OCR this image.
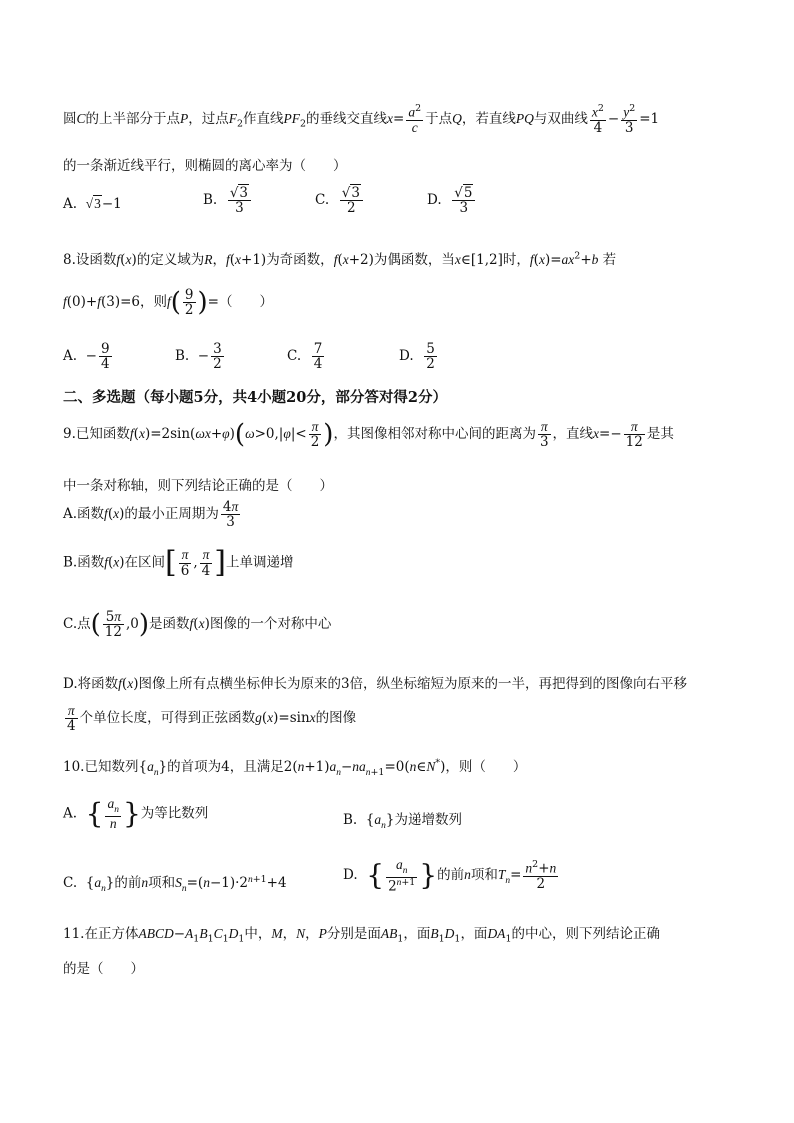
圆C的上半部分于点P，过点$F_2$作直线$PF_2$的垂线交直线$x= \frac{a^2}{c}$ 于点Q，若直线PQ与双曲线 $\frac{x^2}{4} - \frac{y^2}{3} =1$
的一条渐近线平行，则椭圆的离心率为（　　）
A. √3−1	B. $\frac{√3}{3}$	C. $\frac{√3}{2}$	D. $\frac{√5}{3}$
8.设函数f(x)的定义域为R，f(x+1)为奇函数，f(x+2)为偶函数，当x∈[1,2]时，$f(x)=ax^2+b$ 若
f(0)+f(3)=6，则$f( \frac{9}{2}$ )=（　　）
A.  − $\frac{9}{4}$	B.  − $\frac{3}{2}$	C. $\frac{7}{4}$	D. $\frac{5}{2}$
二、多选题（每小题5分，共4小题20分，部分答对得2分）
9.已知函数$f(x)=2\sin(\omega x+\varphi)(\omega>0,|\varphi|< \frac{\pi}{2}$ )，其图像相邻对称中心间的距离为 $\frac{\pi}{3}$ ，直线$x=- \frac{\pi}{12}$ 是其
中一条对称轴，则下列结论正确的是（　　）
A.函数f(x)的最小正周期为 $\frac{4\pi}{3}$
B.函数f(x)在区间[ $\frac{\pi}{6}$ , $\frac{\pi}{4}$ ]上单调递增
C.点( $\frac{5\pi}{12} ,0$)是函数f(x)图像的一个对称中心
D.将函数f(x)图像上所有点横坐标伸长为原来的3倍，纵坐标缩短为原来的一半，再把得到的图像向右平移
$\frac{\pi}{4}$ 个单位长度，可得到正弦函数g(x)=sinx的图像
10.已知数列$\{a_n\}$的首项为4，且满足$2(n+1)a_n-na_{n+1}=0(n\in N^*)$，则（　　）
A. { $\frac{a_n}{n}$ }为等比数列	B.  $\{a_n\}$为递增数列
C.  $\{a_n\}$的前n项和$S_n=(n-1)\cdot 2^{n+1}+4$	D. { $\frac{a_n}{2^{n+1}}$ }的前n项和$T_n= \frac{n^2+n}{2}$
11.在正方体$ABCD-A_1B_1C_1D_1$中，M，N，P分别是面$AB_1$，面$B_1D_1$，面$DA_1$的中心，则下列结论正确
的是（　　）
